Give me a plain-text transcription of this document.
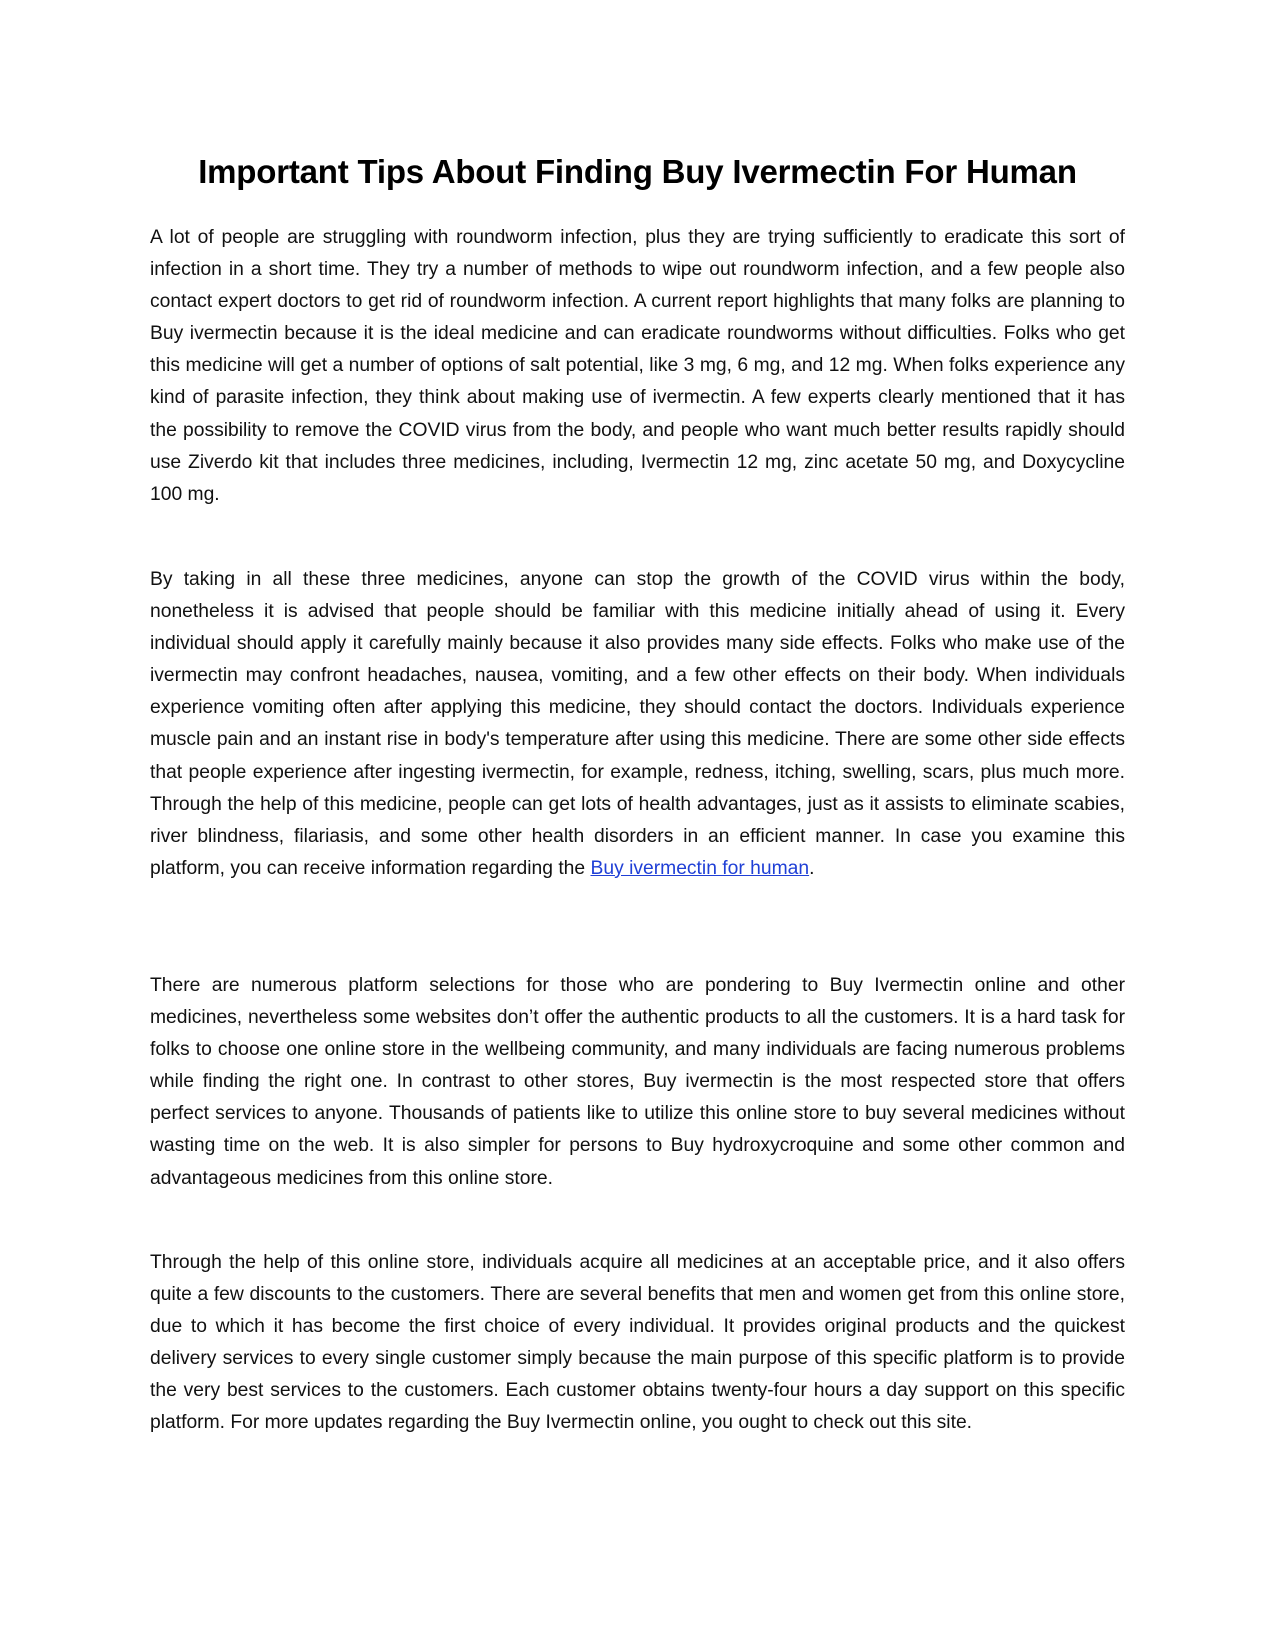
Important Tips About Finding Buy Ivermectin For Human

A lot of people are struggling with roundworm infection, plus they are trying sufficiently to eradicate this sort of infection in a short time. They try a number of methods to wipe out roundworm infection, and a few people also contact expert doctors to get rid of roundworm infection. A current report highlights that many folks are planning to Buy ivermectin because it is the ideal medicine and can eradicate roundworms without difficulties. Folks who get this medicine will get a number of options of salt potential, like 3 mg, 6 mg, and 12 mg. When folks experience any kind of parasite infection, they think about making use of ivermectin. A few experts clearly mentioned that it has the possibility to remove the COVID virus from the body, and people who want much better results rapidly should use Ziverdo kit that includes three medicines, including, Ivermectin 12 mg, zinc acetate 50 mg, and Doxycycline 100 mg.

By taking in all these three medicines, anyone can stop the growth of the COVID virus within the body, nonetheless it is advised that people should be familiar with this medicine initially ahead of using it. Every individual should apply it carefully mainly because it also provides many side effects. Folks who make use of the ivermectin may confront headaches, nausea, vomiting, and a few other effects on their body. When individuals experience vomiting often after applying this medicine, they should contact the doctors. Individuals experience muscle pain and an instant rise in body's temperature after using this medicine. There are some other side effects that people experience after ingesting ivermectin, for example, redness, itching, swelling, scars, plus much more. Through the help of this medicine, people can get lots of health advantages, just as it assists to eliminate scabies, river blindness, filariasis, and some other health disorders in an efficient manner. In case you examine this platform, you can receive information regarding the Buy ivermectin for human.

There are numerous platform selections for those who are pondering to Buy Ivermectin online and other medicines, nevertheless some websites don’t offer the authentic products to all the customers. It is a hard task for folks to choose one online store in the wellbeing community, and many individuals are facing numerous problems while finding the right one. In contrast to other stores, Buy ivermectin is the most respected store that offers perfect services to anyone. Thousands of patients like to utilize this online store to buy several medicines without wasting time on the web. It is also simpler for persons to Buy hydroxycroquine and some other common and advantageous medicines from this online store.

Through the help of this online store, individuals acquire all medicines at an acceptable price, and it also offers quite a few discounts to the customers. There are several benefits that men and women get from this online store, due to which it has become the first choice of every individual. It provides original products and the quickest delivery services to every single customer simply because the main purpose of this specific platform is to provide the very best services to the customers. Each customer obtains twenty-four hours a day support on this specific platform. For more updates regarding the Buy Ivermectin online, you ought to check out this site.
